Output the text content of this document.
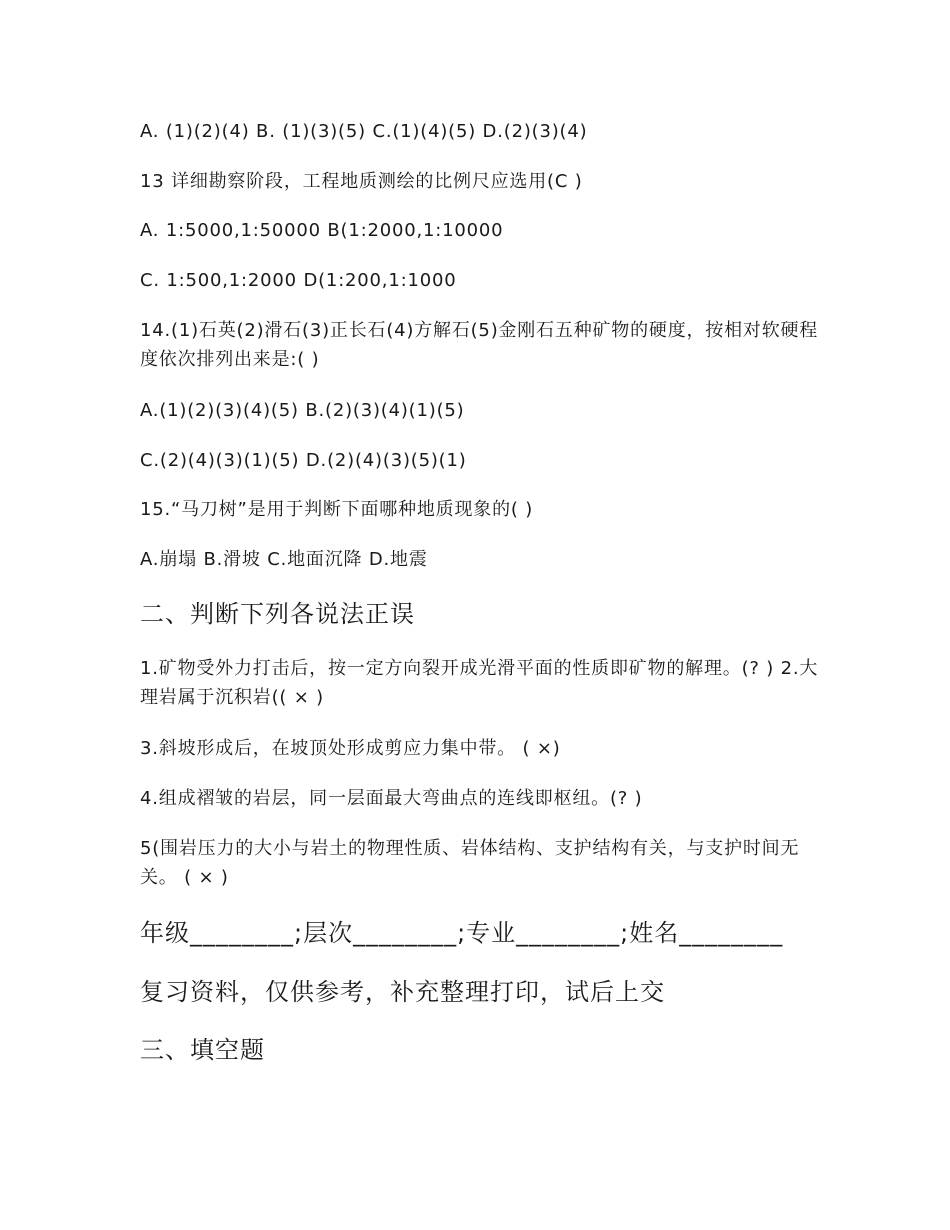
A. (1)(2)(4) B. (1)(3)(5) C.(1)(4)(5) D.(2)(3)(4)
13 详细勘察阶段，工程地质测绘的比例尺应选用(C )
A. 1:5000,1:50000 B(1:2000,1:10000
C. 1:500,1:2000 D(1:200,1:1000
14.(1)石英(2)滑石(3)正长石(4)方解石(5)金刚石五种矿物的硬度，按相对软硬程度依次排列出来是:( )
A.(1)(2)(3)(4)(5) B.(2)(3)(4)(1)(5)
C.(2)(4)(3)(1)(5) D.(2)(4)(3)(5)(1)
15.“马刀树”是用于判断下面哪种地质现象的( )
A.崩塌 B.滑坡 C.地面沉降 D.地震
二、判断下列各说法正误
1.矿物受外力打击后，按一定方向裂开成光滑平面的性质即矿物的解理。(? ) 2.大理岩属于沉积岩(( × )
3.斜坡形成后，在坡顶处形成剪应力集中带。 ( ×)
4.组成褶皱的岩层，同一层面最大弯曲点的连线即枢纽。(? )
5(围岩压力的大小与岩土的物理性质、岩体结构、支护结构有关，与支护时间无关。 ( × )
年级________;层次________;专业________;姓名________
复习资料，仅供参考，补充整理打印，试后上交
三、填空题
